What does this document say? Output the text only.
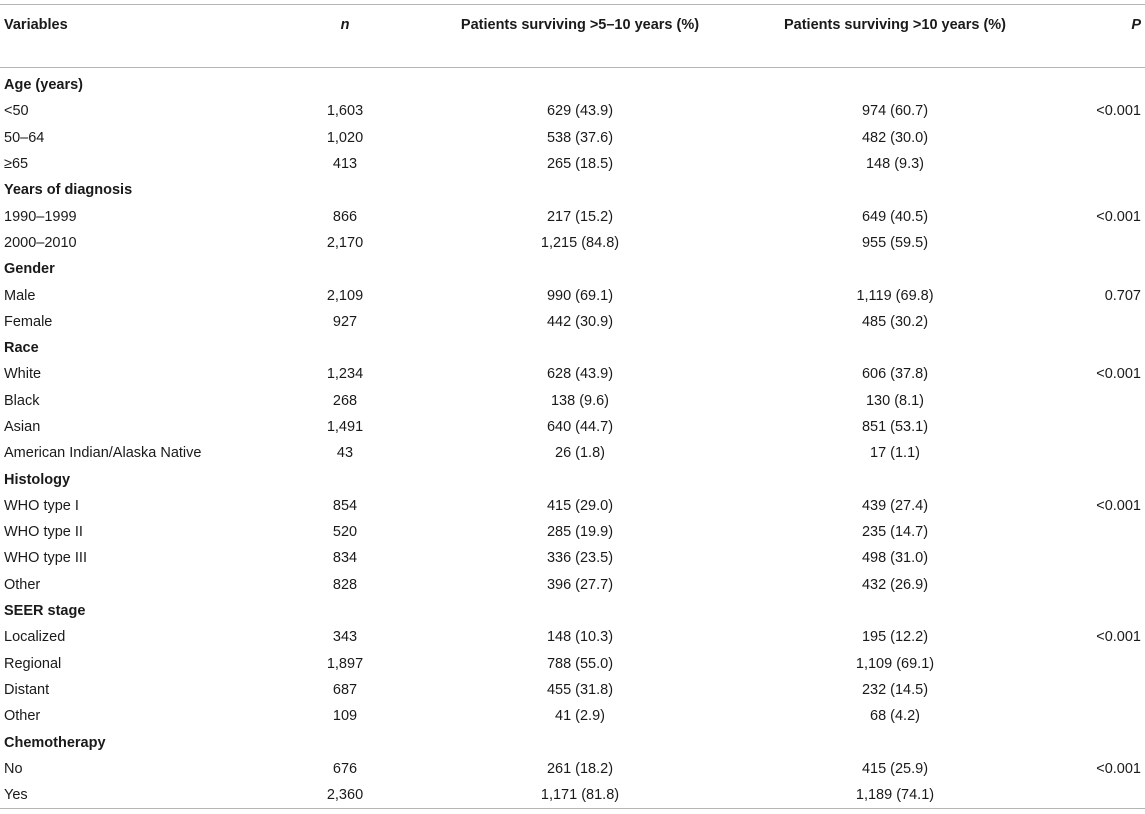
Variables	n	Patients surviving >5–10 years (%)	Patients surviving >10 years (%)	P
Age (years)				
<50	1,603	629 (43.9)	974 (60.7)	<0.001
50–64	1,020	538 (37.6)	482 (30.0)	
≥65	413	265 (18.5)	148 (9.3)	
Years of diagnosis				
1990–1999	866	217 (15.2)	649 (40.5)	<0.001
2000–2010	2,170	1,215 (84.8)	955 (59.5)	
Gender				
Male	2,109	990 (69.1)	1,119 (69.8)	0.707
Female	927	442 (30.9)	485 (30.2)	
Race				
White	1,234	628 (43.9)	606 (37.8)	<0.001
Black	268	138 (9.6)	130 (8.1)	
Asian	1,491	640 (44.7)	851 (53.1)	
American Indian/Alaska Native	43	26 (1.8)	17 (1.1)	
Histology				
WHO type I	854	415 (29.0)	439 (27.4)	<0.001
WHO type II	520	285 (19.9)	235 (14.7)	
WHO type III	834	336 (23.5)	498 (31.0)	
Other	828	396 (27.7)	432 (26.9)	
SEER stage				
Localized	343	148 (10.3)	195 (12.2)	<0.001
Regional	1,897	788 (55.0)	1,109 (69.1)	
Distant	687	455 (31.8)	232 (14.5)	
Other	109	41 (2.9)	68 (4.2)	
Chemotherapy				
No	676	261 (18.2)	415 (25.9)	<0.001
Yes	2,360	1,171 (81.8)	1,189 (74.1)	
